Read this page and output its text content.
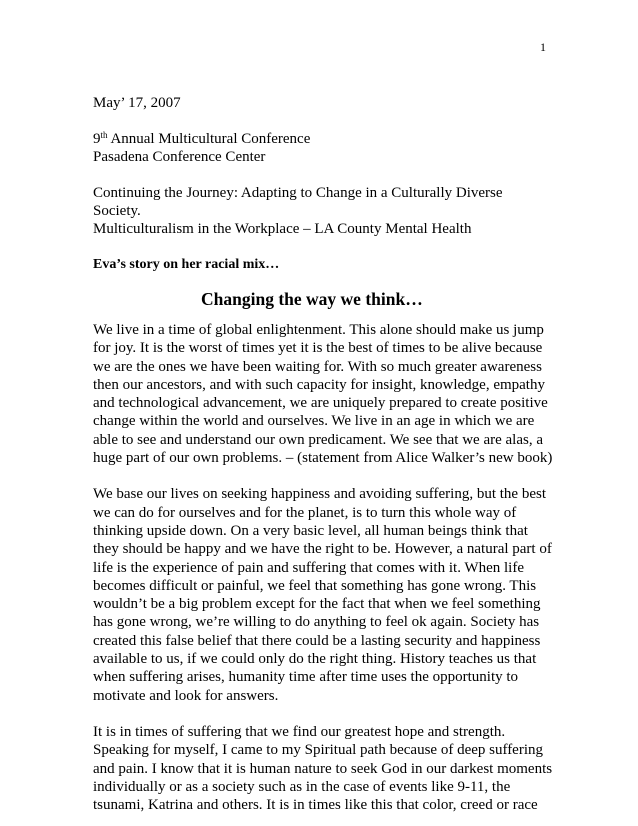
1

May’ 17, 2007

9th Annual Multicultural Conference

Pasadena Conference Center

Continuing the Journey: Adapting to Change in a Culturally Diverse Society.

Multiculturalism in the Workplace – LA County Mental Health

Eva’s story on her racial mix…

Changing the way we think…

We live in a time of global enlightenment. This alone should make us jump for joy. It is the worst of times yet it is the best of times to be alive because we are the ones we have been waiting for. With so much greater awareness then our ancestors, and with such capacity for insight, knowledge, empathy and technological advancement, we are uniquely prepared to create positive change within the world and ourselves. We live in an age in which we are able to see and understand our own predicament. We see that we are alas, a huge part of our own problems. – (statement from Alice Walker’s new book)

We base our lives on seeking happiness and avoiding suffering, but the best we can do for ourselves and for the planet, is to turn this whole way of thinking upside down. On a very basic level, all human beings think that they should be happy and we have the right to be. However, a natural part of life is the experience of pain and suffering that comes with it. When life becomes difficult or painful, we feel that something has gone wrong. This wouldn’t be a big problem except for the fact that when we feel something has gone wrong, we’re willing to do anything to feel ok again. Society has created this false belief that there could be a lasting security and happiness available to us, if we could only do the right thing. History teaches us that when suffering arises, humanity time after time uses the opportunity to motivate and look for answers.

It is in times of suffering that we find our greatest hope and strength. Speaking for myself, I came to my Spiritual path because of deep suffering and pain. I know that it is human nature to seek God in our darkest moments individually or as a society such as in the case of events like 9-11, the tsunami, Katrina and others. It is in times like this that color, creed or race
